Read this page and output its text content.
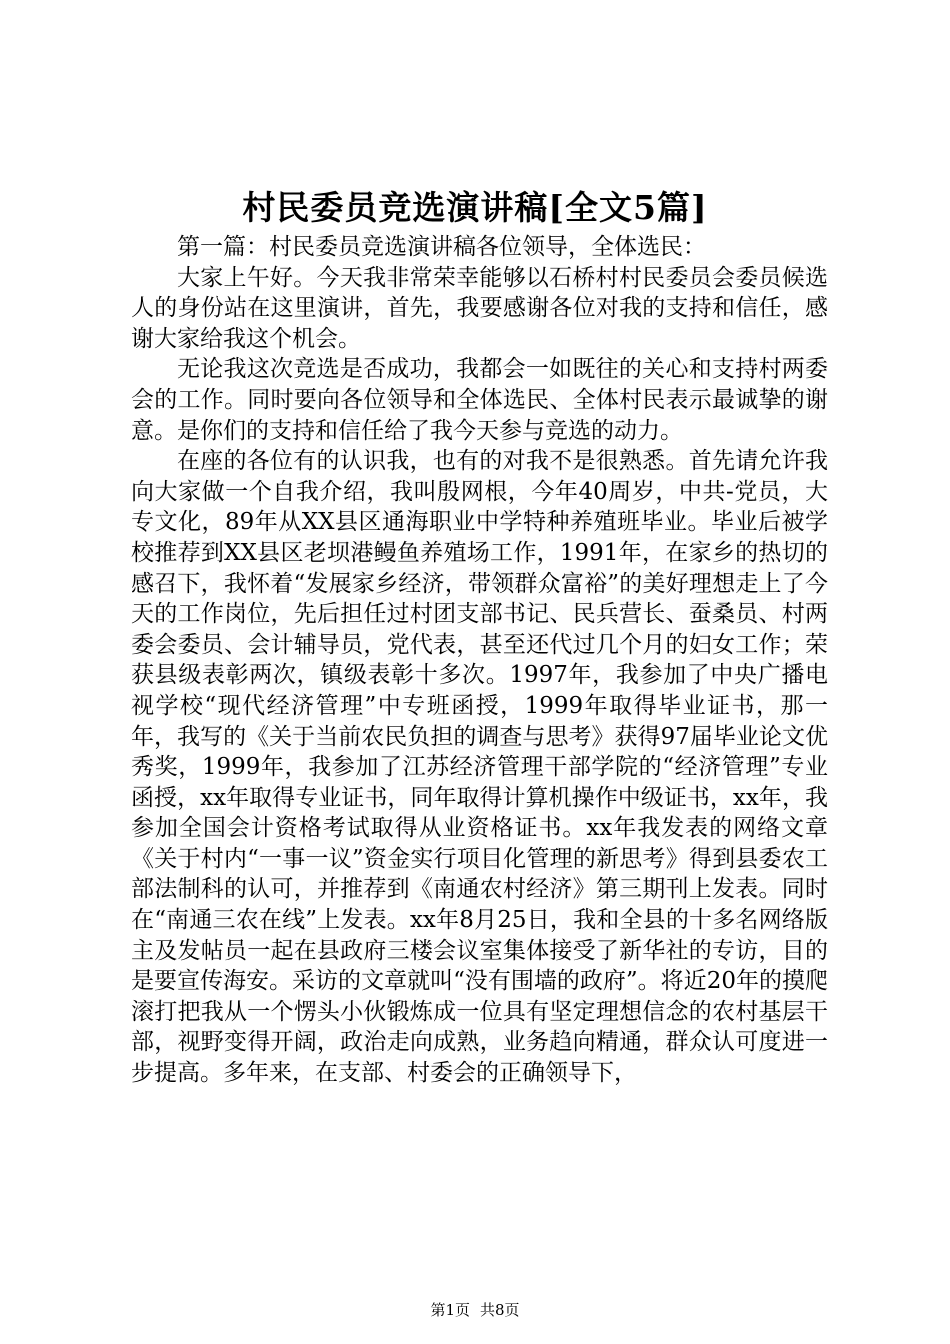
村民委员竞选演讲稿[全文5篇]

第一篇：村民委员竞选演讲稿各位领导，全体选民：

大家上午好。今天我非常荣幸能够以石桥村村民委员会委员候选人的身份站在这里演讲，首先，我要感谢各位对我的支持和信任，感谢大家给我这个机会。

无论我这次竞选是否成功，我都会一如既往的关心和支持村两委会的工作。同时要向各位领导和全体选民、全体村民表示最诚挚的谢意。是你们的支持和信任给了我今天参与竞选的动力。

在座的各位有的认识我，也有的对我不是很熟悉。首先请允许我向大家做一个自我介绍，我叫殷网根，今年40周岁，中共-党员，大专文化，89年从XX县区通海职业中学特种养殖班毕业。毕业后被学校推荐到XX县区老坝港鳗鱼养殖场工作，1991年，在家乡的热切的感召下，我怀着“发展家乡经济，带领群众富裕”的美好理想走上了今天的工作岗位，先后担任过村团支部书记、民兵营长、蚕桑员、村两委会委员、会计辅导员，党代表，甚至还代过几个月的妇女工作；荣获县级表彰两次，镇级表彰十多次。1997年，我参加了中央广播电视学校“现代经济管理”中专班函授，1999年取得毕业证书，那一年，我写的《关于当前农民负担的调查与思考》获得97届毕业论文优秀奖，1999年，我参加了江苏经济管理干部学院的“经济管理”专业函授，xx年取得专业证书，同年取得计算机操作中级证书，xx年，我参加全国会计资格考试取得从业资格证书。xx年我发表的网络文章《关于村内“一事一议”资金实行项目化管理的新思考》得到县委农工部法制科的认可，并推荐到《南通农村经济》第三期刊上发表。同时在“南通三农在线”上发表。xx年8月25日，我和全县的十多名网络版主及发帖员一起在县政府三楼会议室集体接受了新华社的专访，目的是要宣传海安。采访的文章就叫“没有围墙的政府”。将近20年的摸爬滚打把我从一个愣头小伙锻炼成一位具有坚定理想信念的农村基层干部，视野变得开阔，政治走向成熟，业务趋向精通，群众认可度进一步提高。多年来，在支部、村委会的正确领导下，

第1页 共8页
